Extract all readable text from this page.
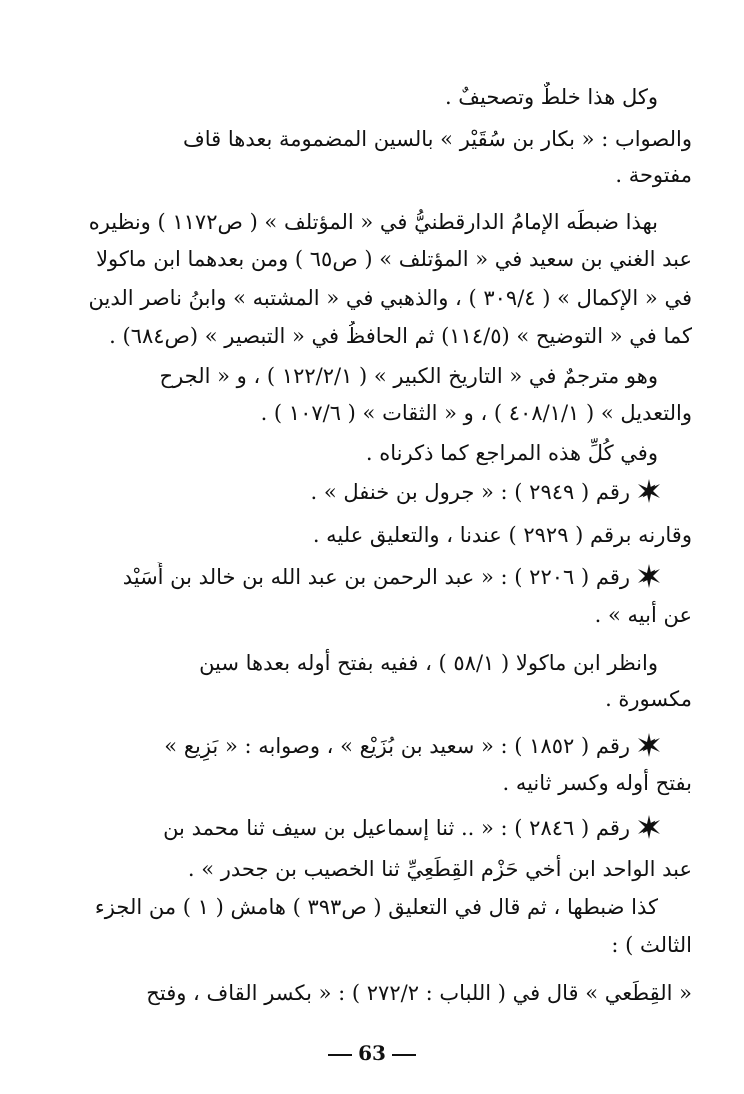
وكل هذا خلطٌ وتصحيفٌ .
والصواب : « بكار بن سُقَيْر » بالسين المضمومة بعدها قاف
مفتوحة .
بهذا ضبطَه الإمامُ الدارقطنيُّ في « المؤتلف » ( ص١١٧٢ ) ونظيره
عبد الغني بن سعيد في « المؤتلف » ( ص٦٥ ) ومن بعدهما ابن ماكولا
في « الإكمال » ( ٣٠٩/٤ ) ، والذهبي في « المشتبه » وابنُ ناصر الدين
كما في « التوضيح » (١١٤/٥) ثم الحافظُ في « التبصير » (ص٦٨٤) .
وهو مترجمٌ في « التاريخ الكبير » ( ١٢٢/٢/١ ) ، و « الجرح
والتعديل » ( ٤٠٨/١/١ ) ، و « الثقات » ( ١٠٧/٦ ) .
وفي كُلِّ هذه المراجع كما ذكرناه .
رقم ( ٢٩٤٩ ) : « جرول بن خنفل » .
وقارنه برقم ( ٢٩٢٩ ) عندنا ، والتعليق عليه .
رقم ( ٢٢٠٦ ) : « عبد الرحمن بن عبد الله بن خالد بن أُسَيْد
عن أبيه » .
وانظر ابن ماكولا ( ٥٨/١ ) ، ففيه بفتح أوله بعدها سين
مكسورة .
رقم ( ١٨٥٢ ) : « سعيد بن بُزَيْع » ، وصوابه : « بَزِيع »
بفتح أوله وكسر ثانيه .
رقم ( ٢٨٤٦ ) : « .. ثنا إسماعيل بن سيف ثنا محمد بن
عبد الواحد ابن أخي حَزْم القِطَعِيِّ ثنا الخصيب بن جحدر » .
كذا ضبطها ، ثم قال في التعليق ( ص٣٩٣ ) هامش ( ١ ) من الجزء
الثالث ) :
« القِطَعي » قال في ( اللباب : ٢٧٢/٢ ) : « بكسر القاف ، وفتح
63
